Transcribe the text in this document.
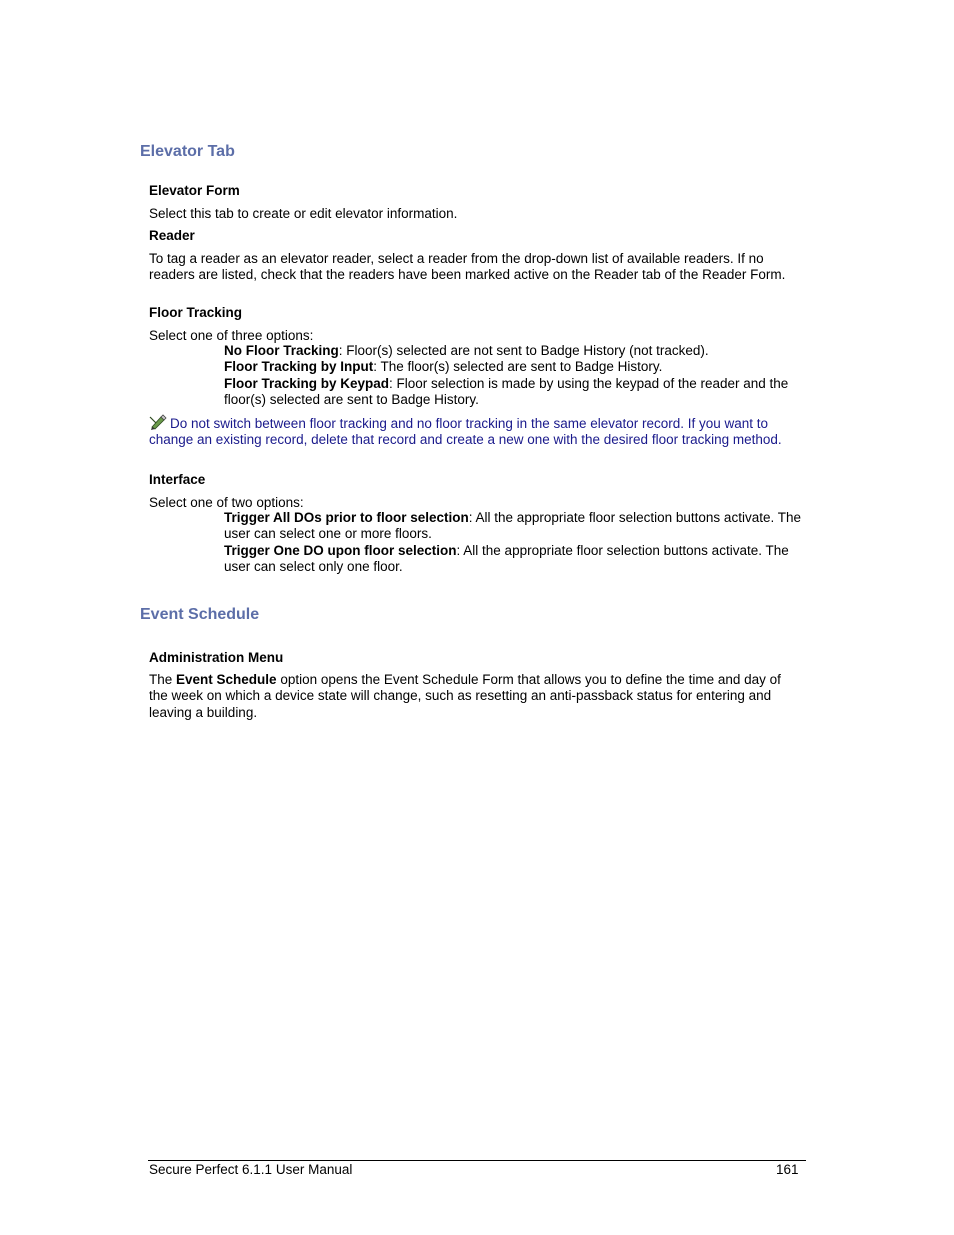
Elevator Tab
Elevator Form

Select this tab to create or edit elevator information.

Reader

To tag a reader as an elevator reader, select a reader from the drop-down list of available readers. If no readers are listed, check that the readers have been marked active on the Reader tab of the Reader Form.

Floor Tracking

Select one of three options:

No Floor Tracking: Floor(s) selected are not sent to Badge History (not tracked).

Floor Tracking by Input: The floor(s) selected are sent to Badge History.

Floor Tracking by Keypad: Floor selection is made by using the keypad of the reader and the floor(s) selected are sent to Badge History.

Do not switch between floor tracking and no floor tracking in the same elevator record. If you want to change an existing record, delete that record and create a new one with the desired floor tracking method.

Interface

Select one of two options:

Trigger All DOs prior to floor selection: All the appropriate floor selection buttons activate. The user can select one or more floors.

Trigger One DO upon floor selection: All the appropriate floor selection buttons activate. The user can select only one floor.

Event Schedule
Administration Menu

The Event Schedule option opens the Event Schedule Form that allows you to define the time and day of the week on which a device state will change, such as resetting an anti-passback status for entering and leaving a building.

Secure Perfect 6.1.1 User Manual	161
